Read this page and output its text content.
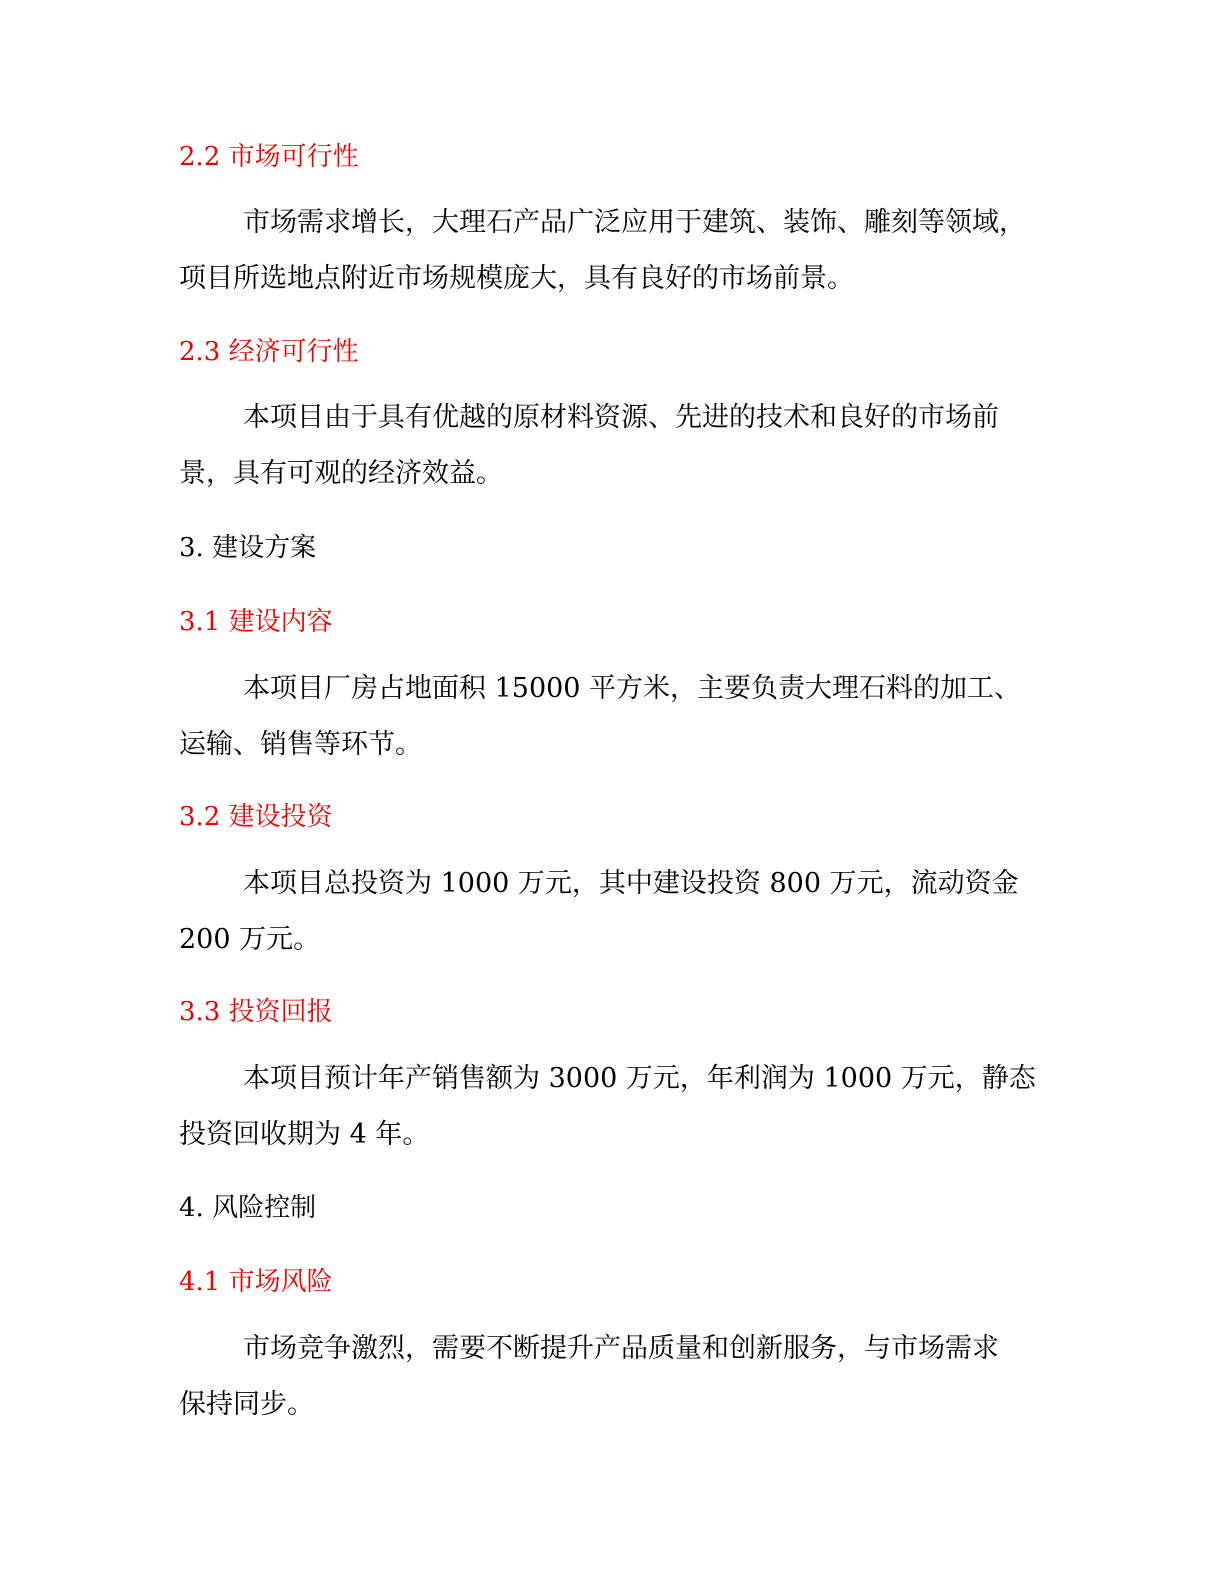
2.2 市场可行性
市场需求增长，大理石产品广泛应用于建筑、装饰、雕刻等领域，
项目所选地点附近市场规模庞大，具有良好的市场前景。
2.3 经济可行性
本项目由于具有优越的原材料资源、先进的技术和良好的市场前
景，具有可观的经济效益。
3. 建设方案
3.1 建设内容
本项目厂房占地面积 15000 平方米，主要负责大理石料的加工、
运输、销售等环节。
3.2 建设投资
本项目总投资为 1000 万元，其中建设投资 800 万元，流动资金
200 万元。
3.3 投资回报
本项目预计年产销售额为 3000 万元，年利润为 1000 万元，静态
投资回收期为 4 年。
4. 风险控制
4.1 市场风险
市场竞争激烈，需要不断提升产品质量和创新服务，与市场需求
保持同步。
